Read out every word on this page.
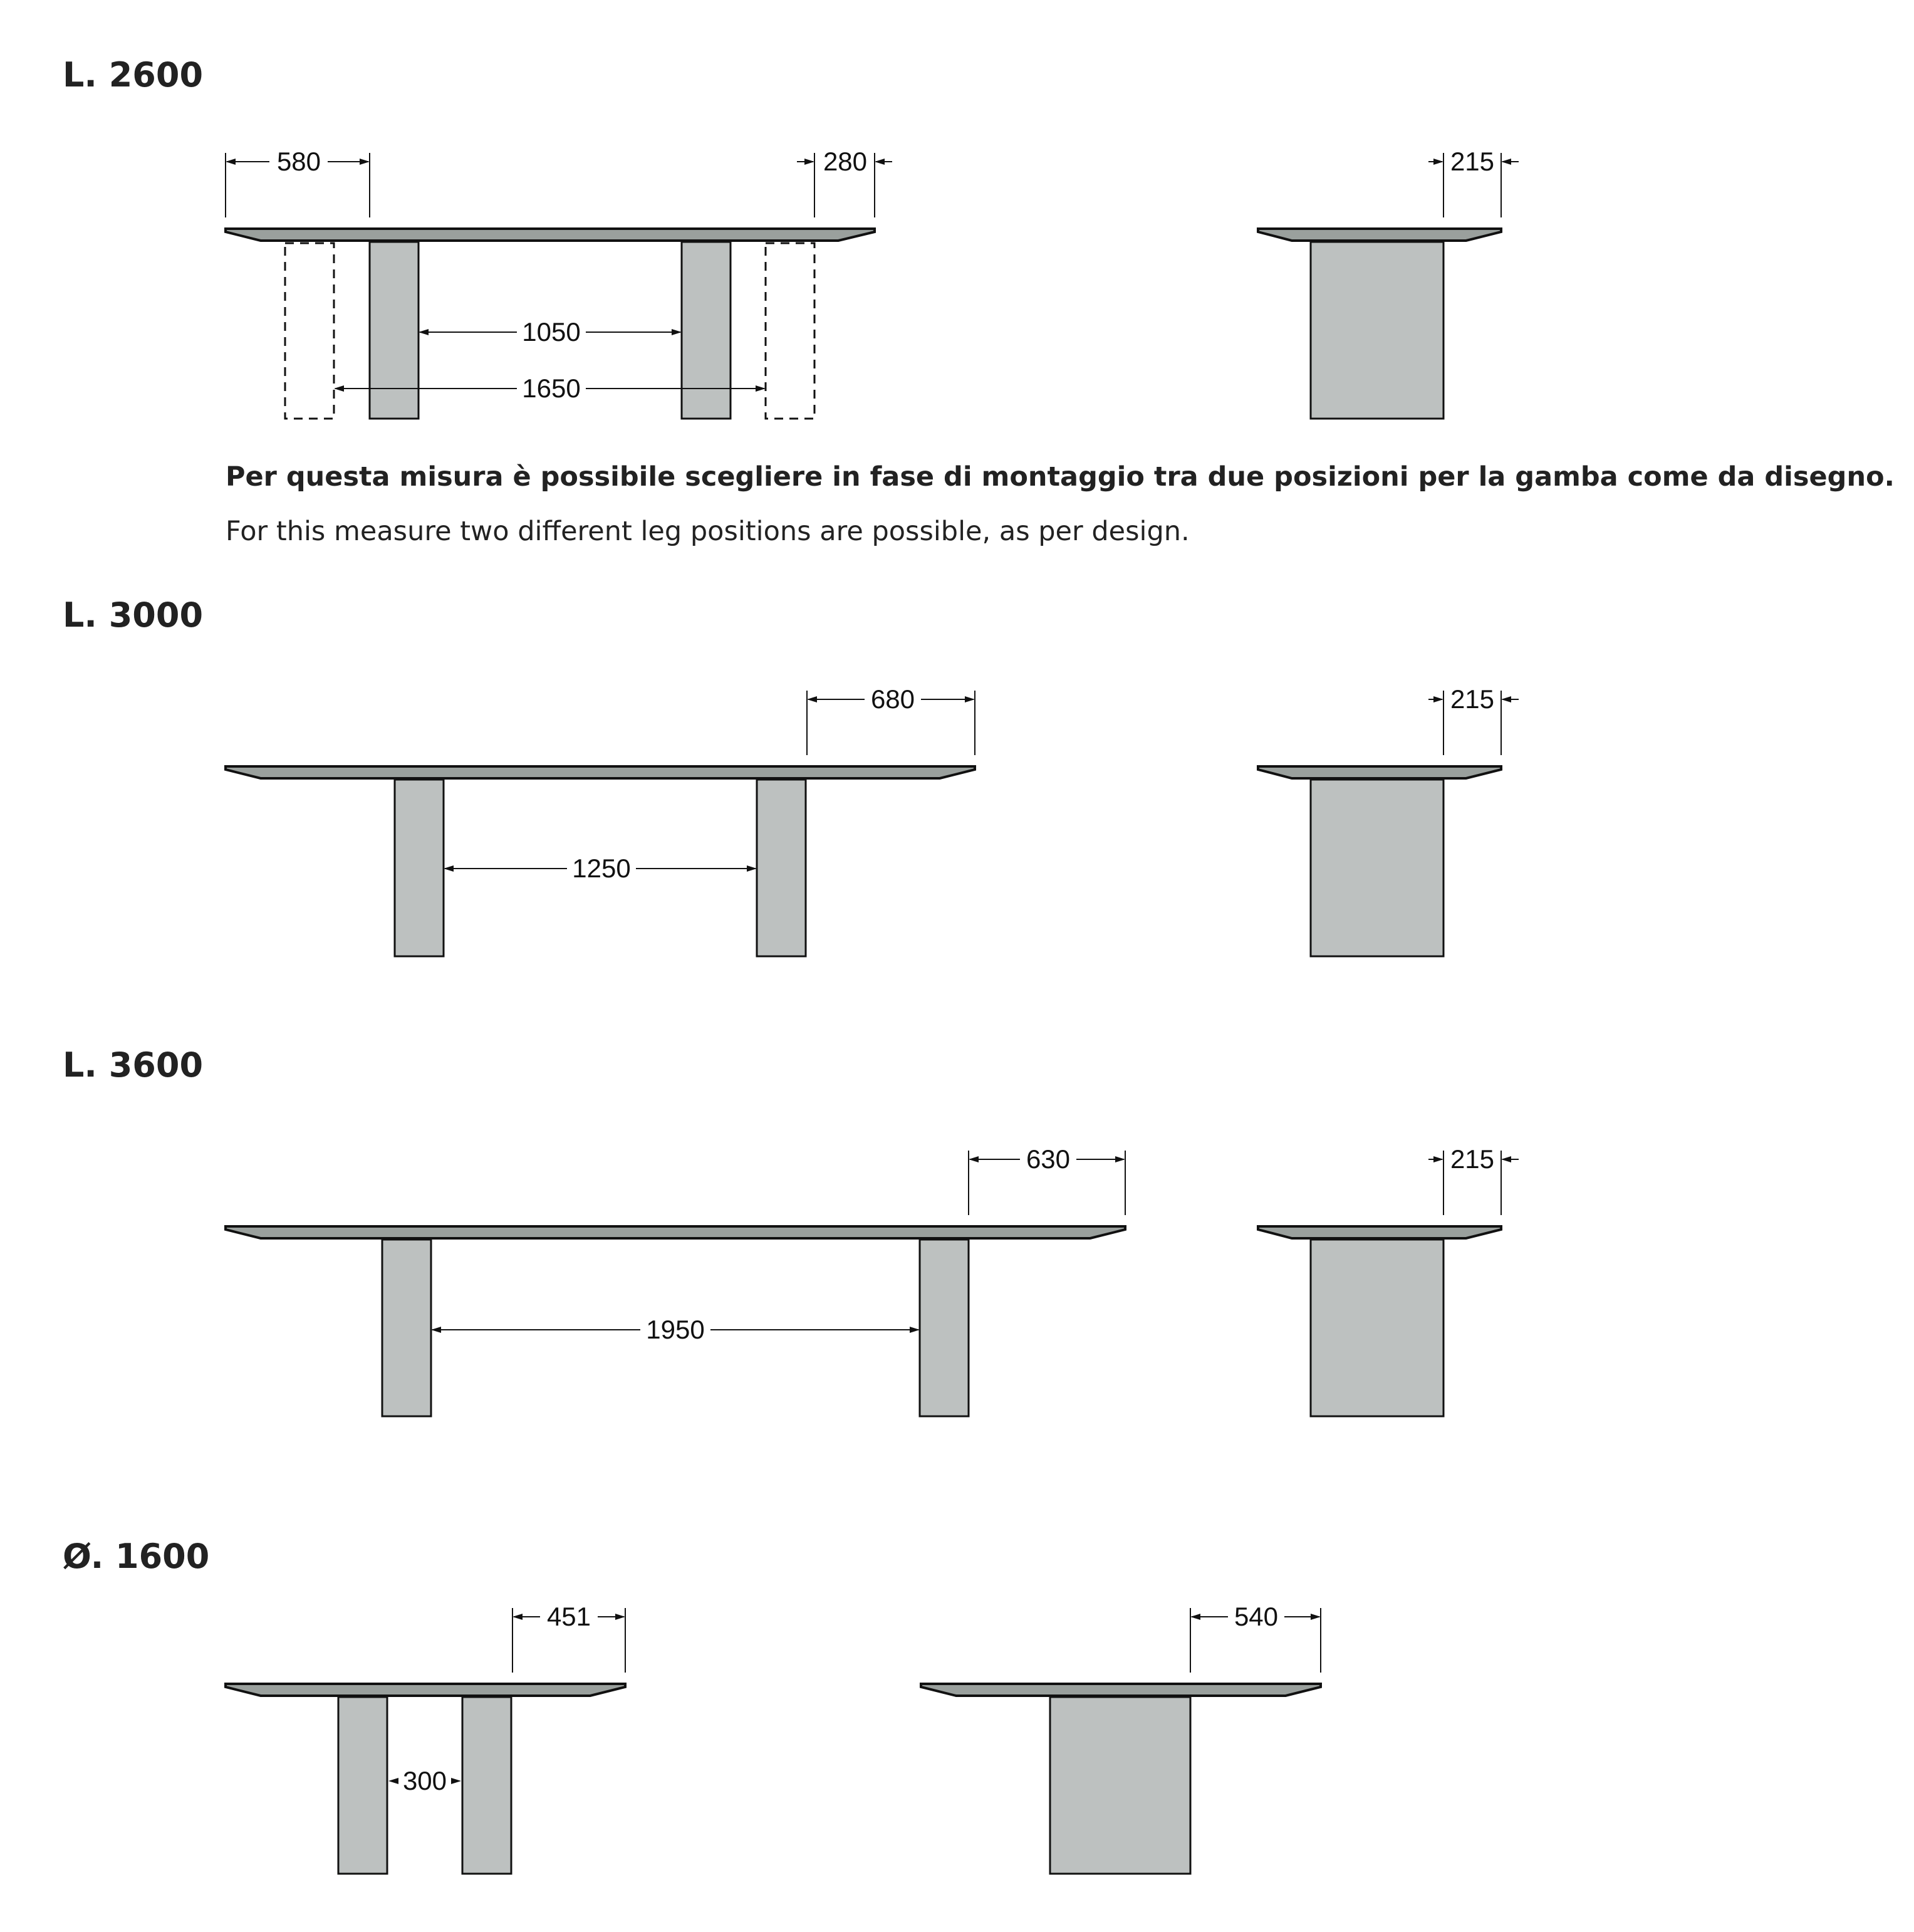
L. 2600
580	280
1050
1650
215
Per questa misura è possibile scegliere in fase di montaggio tra due posizioni per la gamba come da disegno.
For this measure two different leg positions are possible, as per design.
L. 3000
680
1250
215
L. 3600
630
1950
215
Ø. 1600
451
300
540
